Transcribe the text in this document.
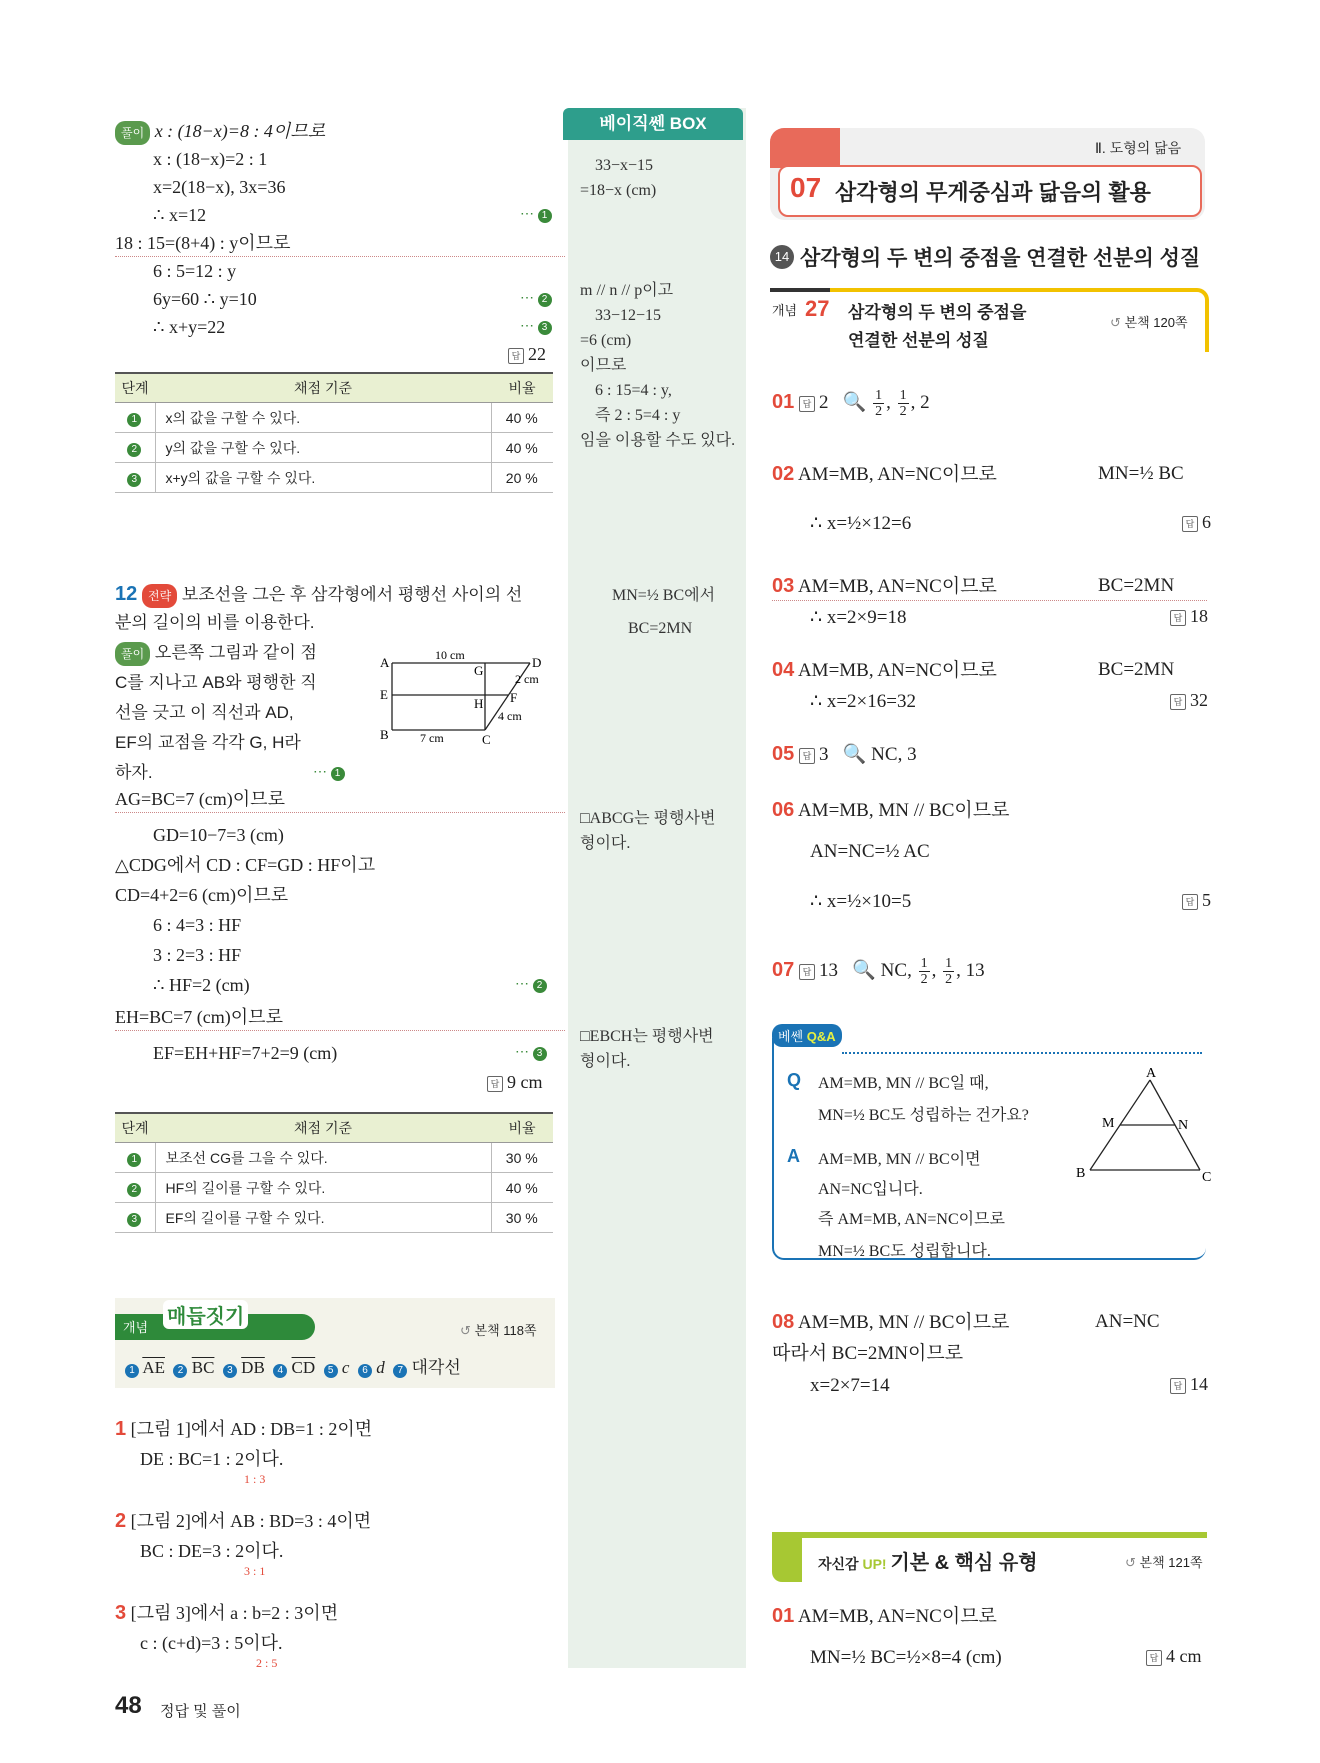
풀이 x : (18−x)=8 : 4이므로
x : (18−x)=2 : 1
x=2(18−x), 3x=36
∴ x=12	⋯ 1
18 : 15=(8+4) : y이므로
6 : 5=12 : y
6y=60 ∴ y=10	⋯ 2
∴ x+y=22	⋯ 3
답 22
단계	채점 기준	비율
1	x의 값을 구할 수 있다.	40 %
2	y의 값을 구할 수 있다.	40 %
3	x+y의 값을 구할 수 있다.	20 %
12 전략 보조선을 그은 후 삼각형에서 평행선 사이의 선
분의 길이의 비를 이용한다.
풀이 오른쪽 그림과 같이 점
C를 지나고 AB와 평행한 직
선을 긋고 이 직선과 AD,
EF의 교점을 각각 G, H라
하자.	⋯ 1
A	D
E
G
H F
B	C
10 cm
7 cm
2 cm
4 cm
AG=BC=7 (cm)이므로
GD=10−7=3 (cm)
△CDG에서 CD : CF=GD : HF이고
CD=4+2=6 (cm)이므로
6 : 4=3 : HF
3 : 2=3 : HF
∴ HF=2 (cm)	⋯ 2
EH=BC=7 (cm)이므로
EF=EH+HF=7+2=9 (cm)	⋯ 3
답 9 cm
단계	채점 기준	비율
1	보조선 CG를 그을 수 있다.	30 %
2	HF의 길이를 구할 수 있다.	40 %
3	EF의 길이를 구할 수 있다.	30 %
개념 매듭짓기
↺ 본책 118쪽
1 $\overline{AE}$ 2 $\overline{BC}$ 3 $\overline{DB}$ 4 $\overline{CD}$ 5 c 6 d 7 대각선
1 [그림 1]에서 AD : DB=1 : 2이면
DE : BC=1 : 2이다.
1 : 3
2 [그림 2]에서 AB : BD=3 : 4이면
BC : DE=3 : 2이다.
3 : 1
3 [그림 3]에서 a : b=2 : 3이면
c : (c+d)=3 : 5이다.
2 : 5
48 정답 및 풀이
베이직쎈 BOX
33−x−15
=18−x (cm)
m // n // p이고
33−12−15
=6 (cm)
이므로
6 : 15=4 : y,
즉 2 : 5=4 : y
임을 이용할 수도 있다.
MN=½ BC에서
BC=2MN
□ABCG는 평행사변
형이다.
□EBCH는 평행사변
형이다.
Ⅱ. 도형의 닮음
07 삼각형의 무게중심과 닮음의 활용
14 삼각형의 두 변의 중점을 연결한 선분의 성질
개념 27 삼각형의 두 변의 중점을
연결한 선분의 성질
↺ 본책 120쪽
01 답 2 🔍 $\frac{1}{2}$ , $\frac{1}{2}$ , 2
02 AM=MB, AN=NC이므로	MN=½ BC
∴ x=½×12=6	답 6
03 AM=MB, AN=NC이므로	BC=2MN
∴ x=2×9=18	답 18
04 AM=MB, AN=NC이므로	BC=2MN
∴ x=2×16=32	답 32
05 답 3 🔍 NC, 3
06 AM=MB, MN // BC이므로
AN=NC=½ AC
∴ x=½×10=5	답 5
07 답 13 🔍 NC, $\frac{1}{2}$ , $\frac{1}{2}$ , 13
베쎈 Q&A
Q AM=MB, MN // BC일 때,
MN=½ BC도 성립하는 건가요?
A AM=MB, MN // BC이면
AN=NC입니다.
즉 AM=MB, AN=NC이므로
MN=½ BC도 성립합니다.
A
M	N
B	C
08 AM=MB, MN // BC이므로	AN=NC
따라서 BC=2MN이므로
x=2×7=14	답 14
자신감 UP! 기본 & 핵심 유형	↺ 본책 121쪽
01 AM=MB, AN=NC이므로
MN=½ BC=½×8=4 (cm)	답 4 cm
